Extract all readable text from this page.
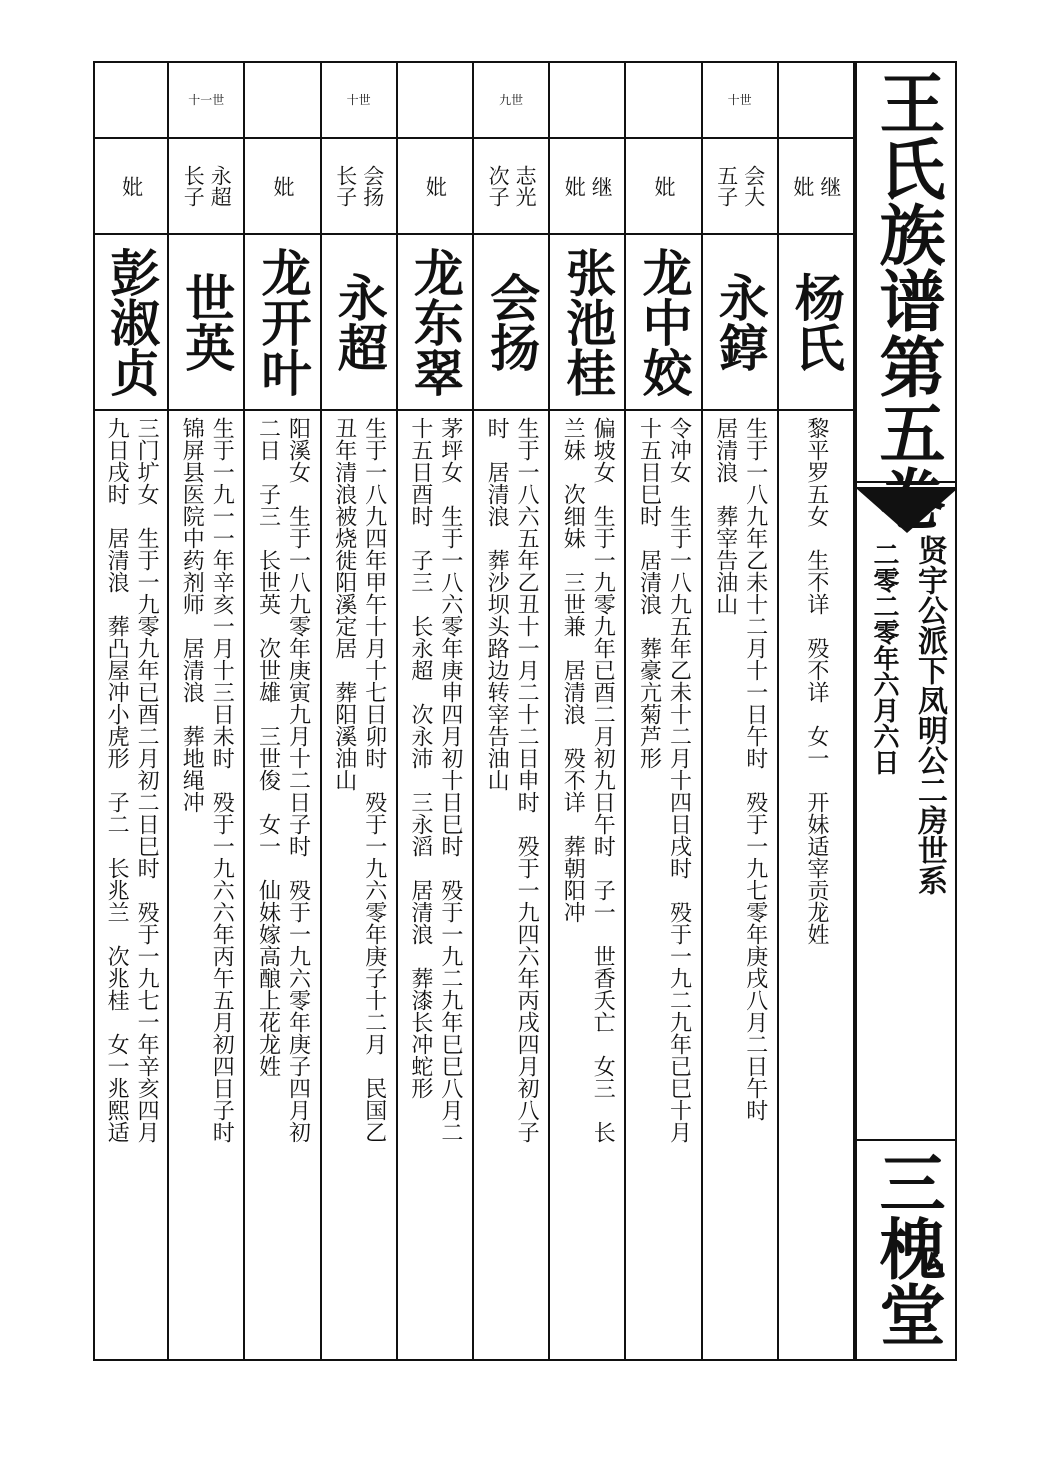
继
妣
杨氏
黎平罗五女　生不详　殁不详　女一　开妹适宰贡龙姓
十世
会大
五子
永錞
生于一八九年乙未十二月十一日午时　殁于一九七零年庚戌八月二日午时
居清浪　葬宰告油山
妣
龙中姣
令冲女　生于一八九五年乙未十二月十四日戌时　殁于一九二九年已巳十月
十五日巳时　居清浪　葬豪亢菊芦形
继
妣
张池桂
偏坡女　生于一九零九年已酉二月初九日午时　子一　世香夭亡　女三　长
兰妹　次细妹　三世兼　居清浪　殁不详　葬朝阳冲
九世
志光
次子
会扬
生于一八六五年乙丑十一月二十二日申时　殁于一九四六年丙戌四月初八子
时　居清浪　葬沙坝头路边转宰告油山
妣
龙东翠
茅坪女　生于一八六零年庚申四月初十日巳时　殁于一九二九年巳巳八月二
十五日酉时　子三　长永超　次永沛　三永滔　居清浪　葬漆长冲蛇形
十世
会扬
长子
永超
生于一八九四年甲午十月十七日卯时　殁于一九六零年庚子十二月　民国乙
丑年清浪被烧徙阳溪定居　葬阳溪油山
妣
龙开叶
阳溪女　生于一八九零年庚寅九月十二日子时　殁于一九六零年庚子四月初
二日　子三　长世英　次世雄　三世俊　女一　仙妹嫁高酿上花龙姓
十一世
永超
长子
世英
生于一九一一年辛亥一月十三日未时　殁于一九六六年丙午五月初四日子时
锦屏县医院中药剂师　居清浪　葬地绳冲
妣
彭淑贞
三门圹女　生于一九零九年已酉二月初二日巳时　殁于一九七一年辛亥四月
九日戌时　居清浪　葬凸屋冲小虎形　子二　长兆兰　次兆桂　女一兆熙适
王氏族谱第五卷
贤宇公派下凤明公二房世系
二零二零年六月六日
三槐堂
